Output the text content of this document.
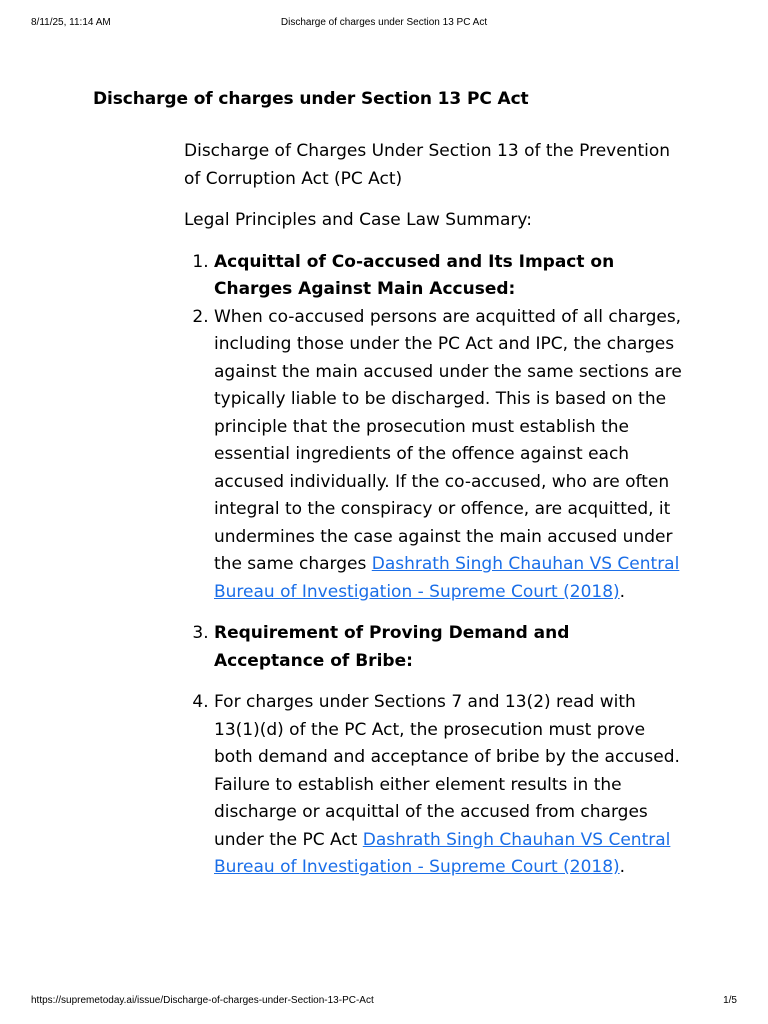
8/11/25, 11:14 AM	Discharge of charges under Section 13 PC Act
Discharge of charges under Section 13 PC Act

Discharge of Charges Under Section 13 of the Prevention of Corruption Act (PC Act)

Legal Principles and Case Law Summary:

1. Acquittal of Co-accused and Its Impact on Charges Against Main Accused:
2. When co-accused persons are acquitted of all charges, including those under the PC Act and IPC, the charges against the main accused under the same sections are typically liable to be discharged. This is based on the principle that the prosecution must establish the essential ingredients of the offence against each accused individually. If the co-accused, who are often integral to the conspiracy or offence, are acquitted, it undermines the case against the main accused under the same charges Dashrath Singh Chauhan VS Central Bureau of Investigation - Supreme Court (2018).
3. Requirement of Proving Demand and Acceptance of Bribe:
4. For charges under Sections 7 and 13(2) read with 13(1)(d) of the PC Act, the prosecution must prove both demand and acceptance of bribe by the accused. Failure to establish either element results in the discharge or acquittal of the accused from charges under the PC Act Dashrath Singh Chauhan VS Central Bureau of Investigation - Supreme Court (2018).
https://supremetoday.ai/issue/Discharge-of-charges-under-Section-13-PC-Act	1/5
